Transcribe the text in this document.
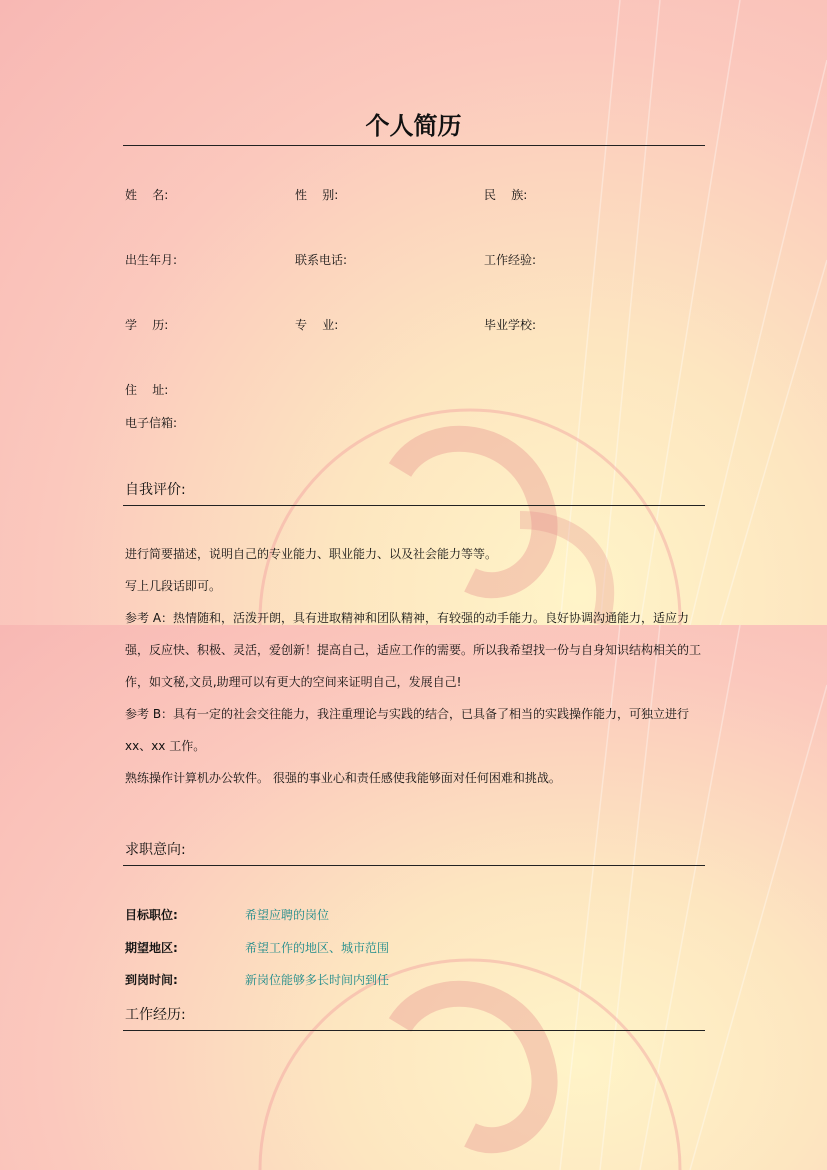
个人简历
姓    名:	性    别:	民    族:
出生年月:	联系电话:	工作经验:
学    历:	专    业:	毕业学校:
住    址:
电子信箱:
自我评价:

进行简要描述，说明自己的专业能力、职业能力、以及社会能力等等。

写上几段话即可。

参考 A：热情随和，活泼开朗，具有进取精神和团队精神，有较强的动手能力。良好协调沟通能力，适应力强，反应快、积极、灵活，爱创新！提高自己，适应工作的需要。所以我希望找一份与自身知识结构相关的工作，如文秘,文员,助理可以有更大的空间来证明自己，发展自己!

参考 B：具有一定的社会交往能力，我注重理论与实践的结合，已具备了相当的实践操作能力，可独立进行 xx、xx 工作。

熟练操作计算机办公软件。 很强的事业心和责任感使我能够面对任何困难和挑战。

求职意向:
目标职位:	希望应聘的岗位
期望地区:	希望工作的地区、城市范围
到岗时间:	新岗位能够多长时间内到任
工作经历:
